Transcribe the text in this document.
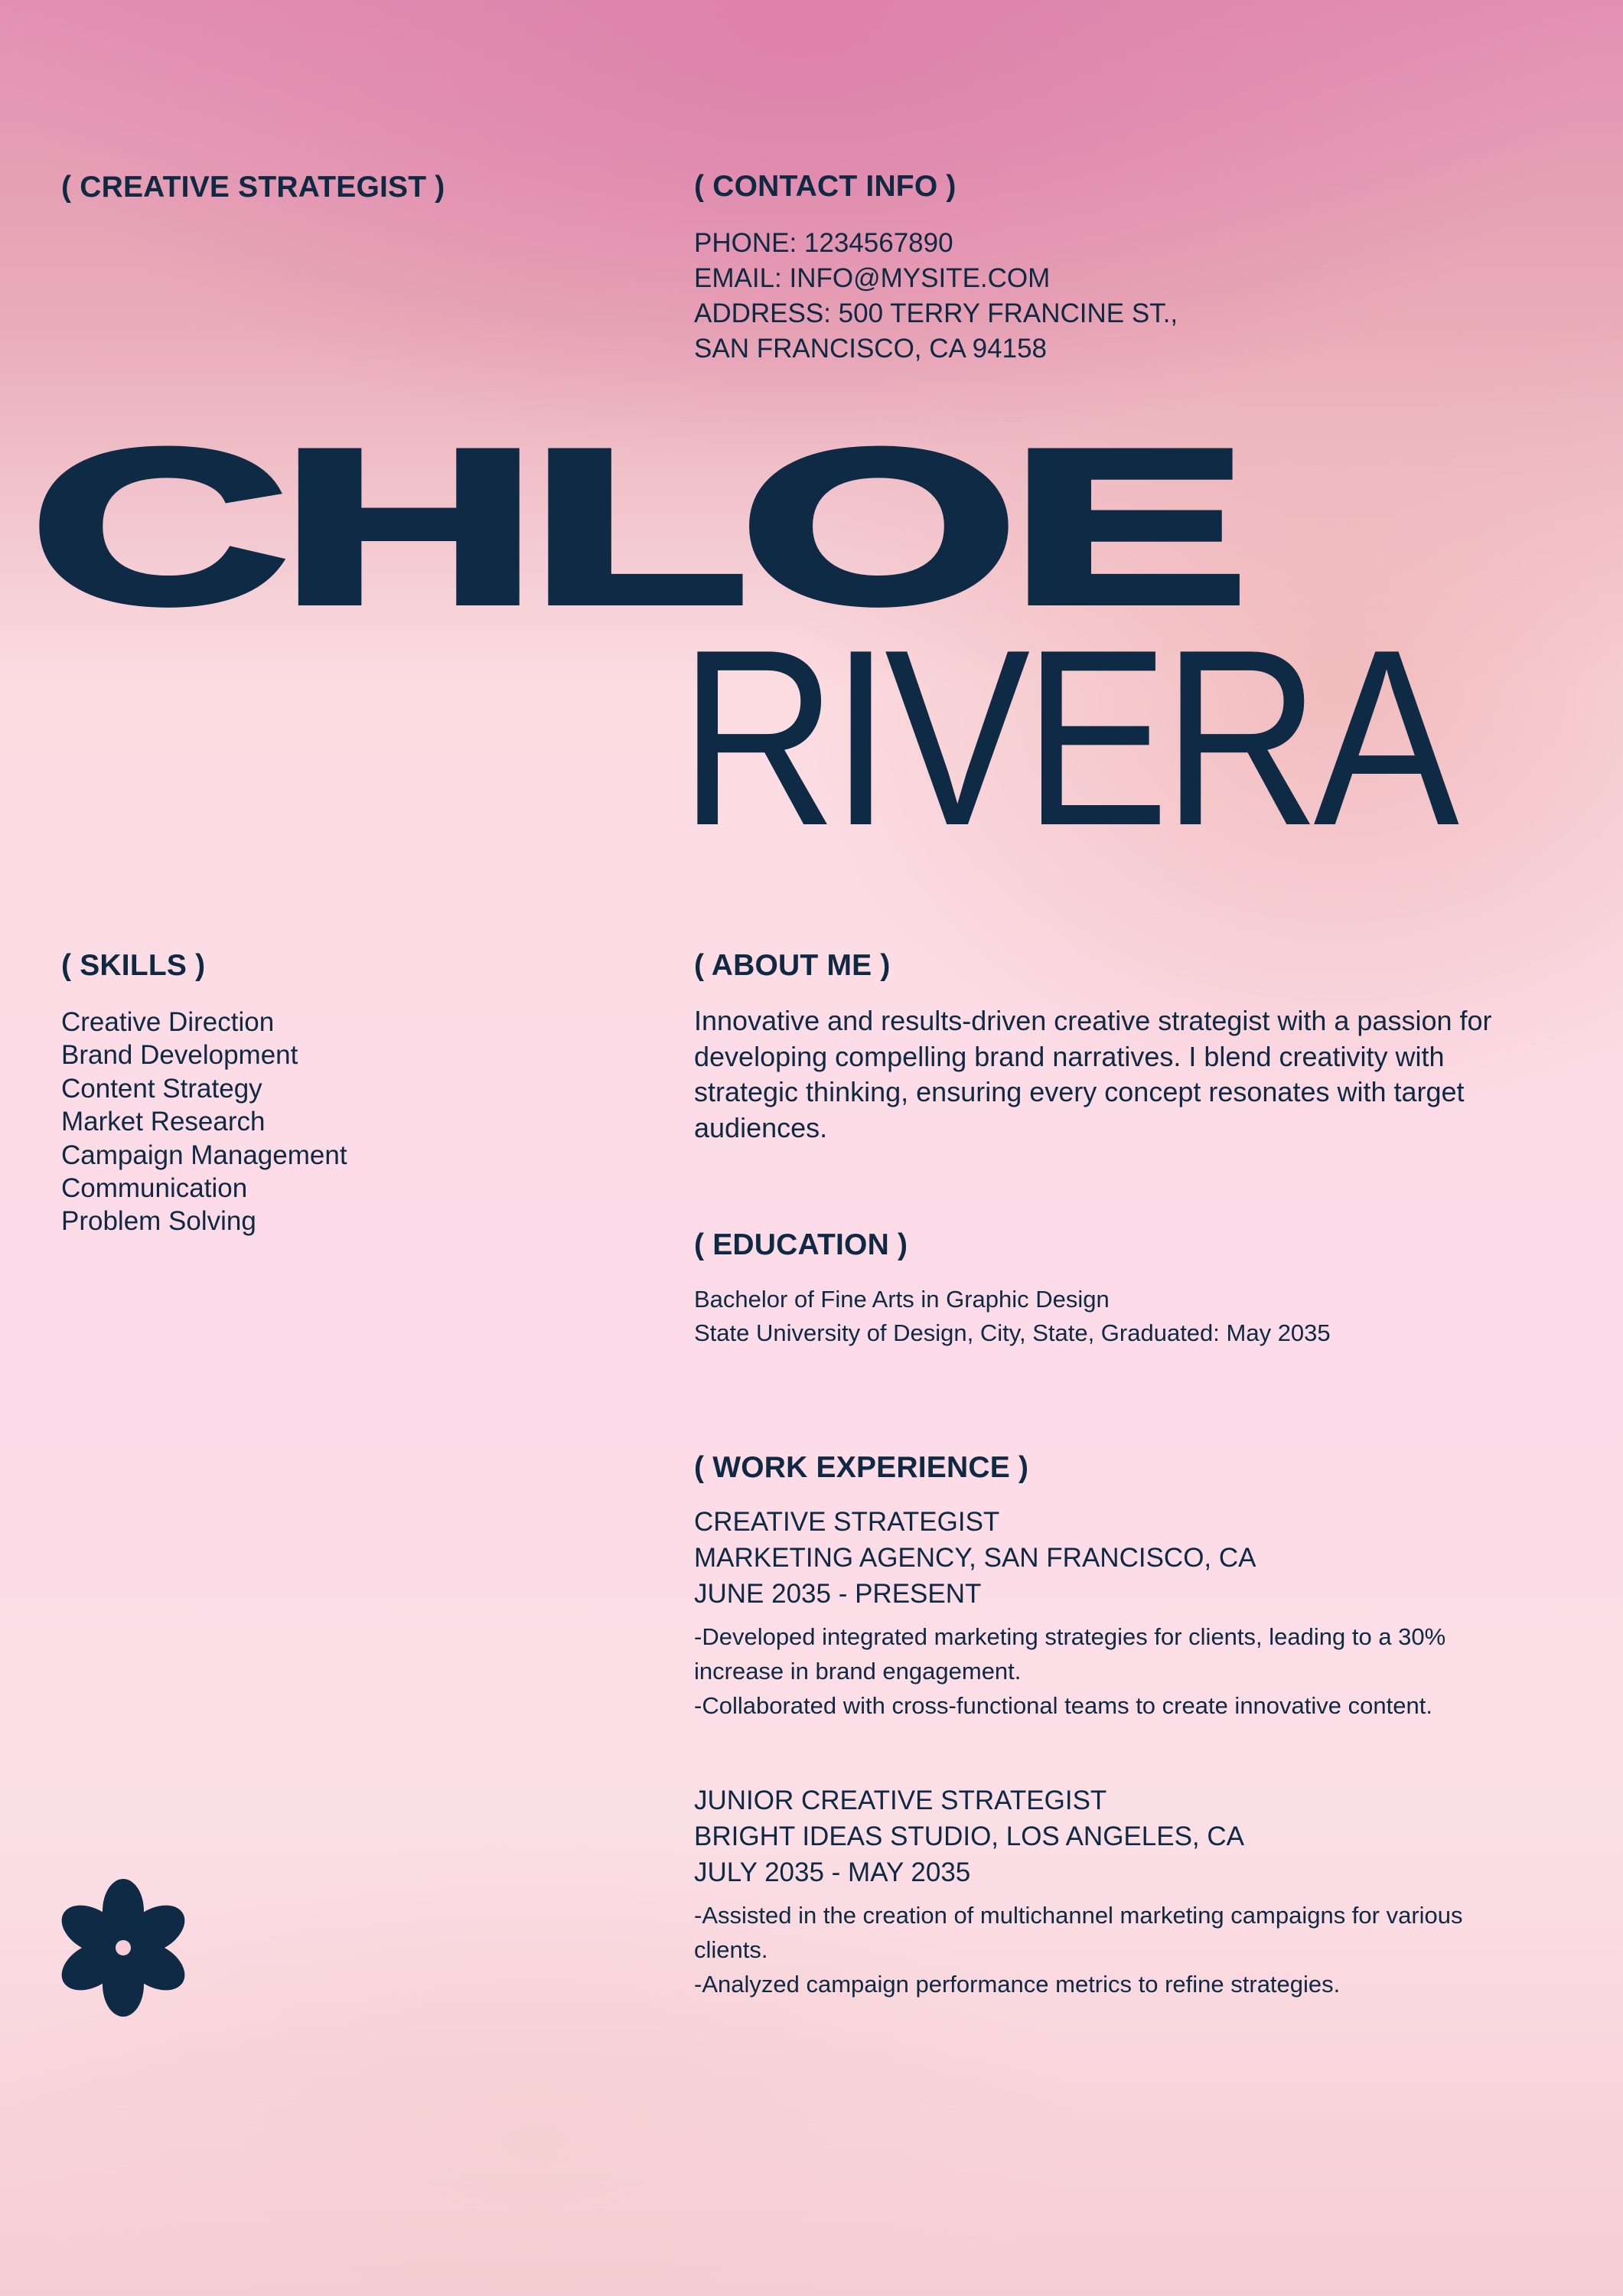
( CREATIVE STRATEGIST )	( CONTACT INFO )
PHONE: 1234567890
EMAIL: INFO@MYSITE.COM
ADDRESS: 500 TERRY FRANCINE ST.,
SAN FRANCISCO, CA 94158
CHLOE
RIVERA
( SKILLS )
Creative Direction
Brand Development
Content Strategy
Market Research
Campaign Management
Communication
Problem Solving
( ABOUT ME )

Innovative and results-driven creative strategist with a passion for developing compelling brand narratives. I blend creativity with strategic thinking, ensuring every concept resonates with target audiences.

( EDUCATION )
Bachelor of Fine Arts in Graphic Design
State University of Design, City, State, Graduated: May 2035
( WORK EXPERIENCE )
CREATIVE STRATEGIST
MARKETING AGENCY, SAN FRANCISCO, CA
JUNE 2035 - PRESENT
-Developed integrated marketing strategies for clients, leading to a 30% increase in brand engagement.
-Collaborated with cross-functional teams to create innovative content.
JUNIOR CREATIVE STRATEGIST
BRIGHT IDEAS STUDIO, LOS ANGELES, CA
JULY 2035 - MAY 2035
-Assisted in the creation of multichannel marketing campaigns for various clients.
-Analyzed campaign performance metrics to refine strategies.
